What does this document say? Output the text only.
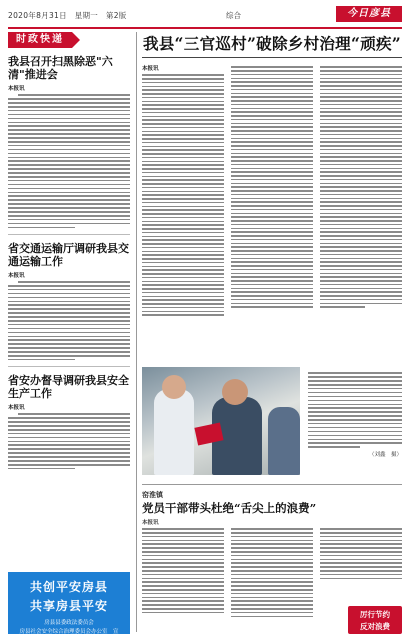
2020年8月31日　星期一　第2版	综合	今日彦县
时政快递
我县召开扫黑除恶"六清"推进会
本报讯
省交通运输厅调研我县交通运输工作
本报讯
省安办督导调研我县安全生产工作
本报讯
共创平安房县
共享房县平安
房县县委政法委员会
房县社会安全综合治理委员会办公室　宣
我县“三官巡村”破除乡村治理“顽疾”
本报讯
（刘鑫　摄）
窑淮镇
党员干部带头杜绝“舌尖上的浪费”
本报讯
厉行节约
反对浪费
